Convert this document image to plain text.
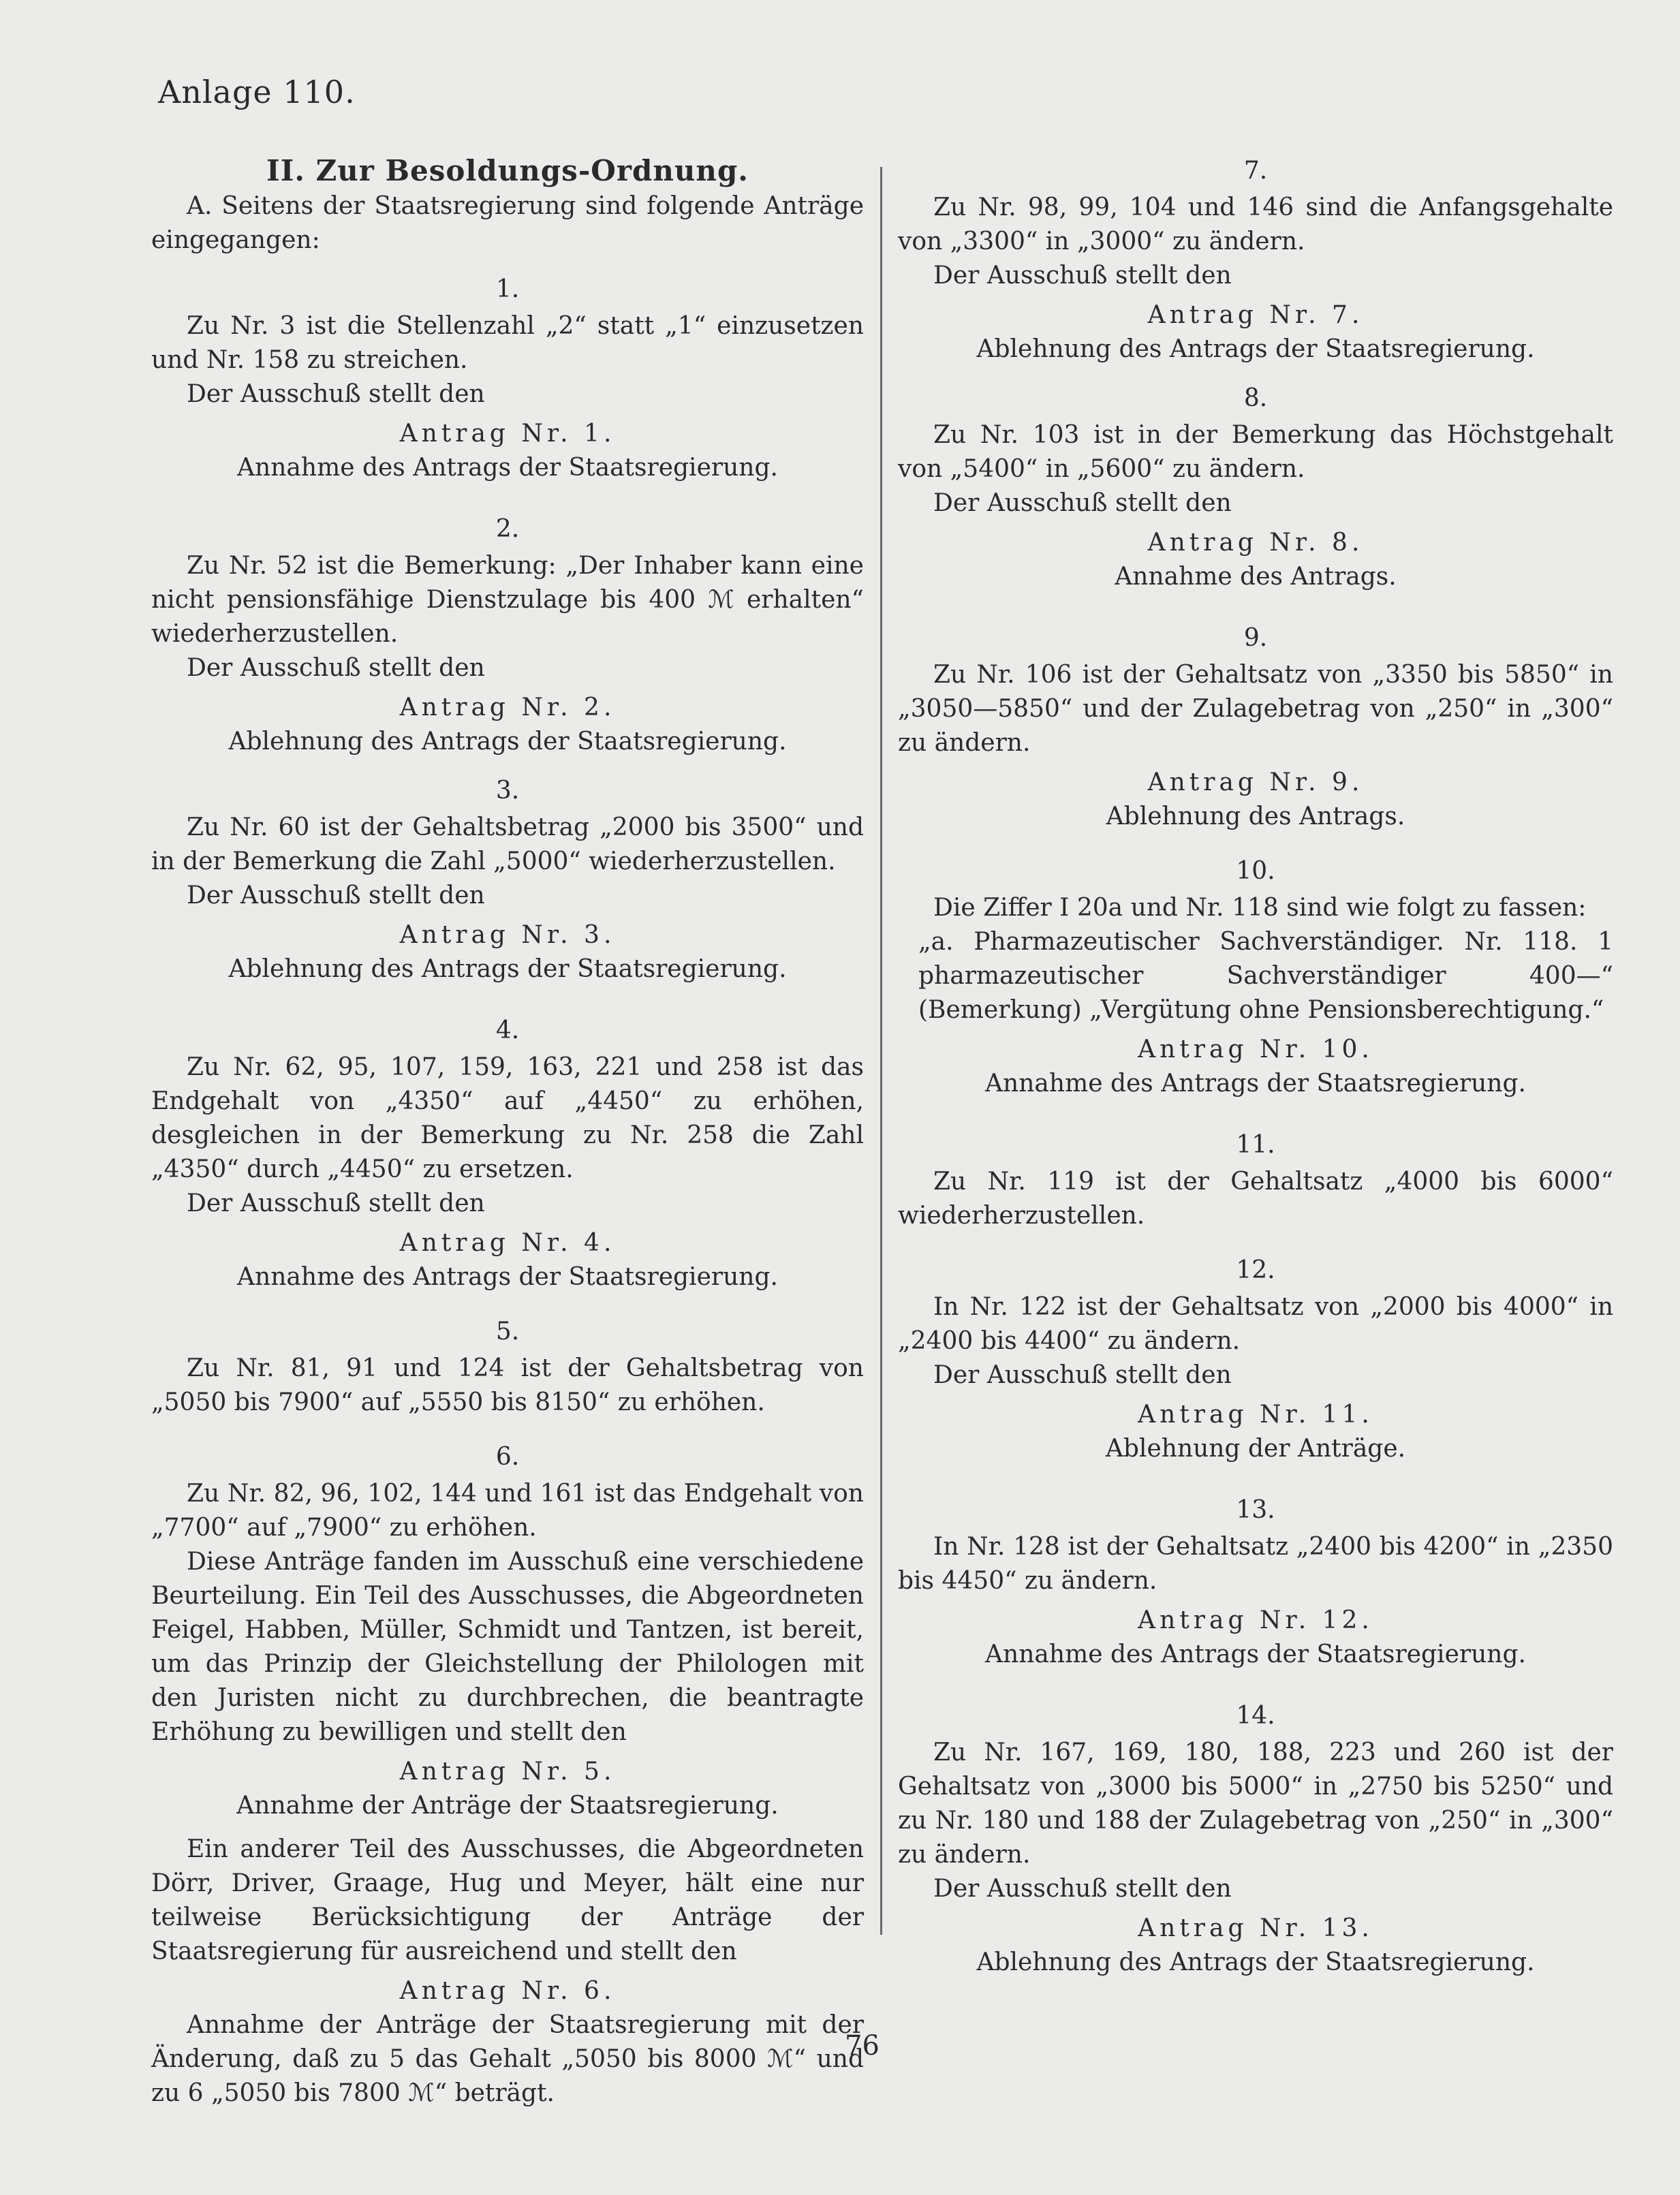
Anlage 110.
II. Zur Besoldungs-Ordnung.

A. Seitens der Staatsregierung sind folgende Anträge eingegangen:

1.

Zu Nr. 3 ist die Stellenzahl „2“ statt „1“ einzusetzen und Nr. 158 zu streichen.

Der Ausschuß stellt den
Antrag Nr. 1.
Annahme des Antrags der Staatsregierung.
2.

Zu Nr. 52 ist die Bemerkung: „Der Inhaber kann eine nicht pensionsfähige Dienstzulage bis 400 ℳ erhalten“ wiederherzustellen.

Der Ausschuß stellt den
Antrag Nr. 2.
Ablehnung des Antrags der Staatsregierung.
3.

Zu Nr. 60 ist der Gehaltsbetrag „2000 bis 3500“ und in der Bemerkung die Zahl „5000“ wiederherzustellen.

Der Ausschuß stellt den
Antrag Nr. 3.
Ablehnung des Antrags der Staatsregierung.
4.

Zu Nr. 62, 95, 107, 159, 163, 221 und 258 ist das Endgehalt von „4350“ auf „4450“ zu erhöhen, desgleichen in der Bemerkung zu Nr. 258 die Zahl „4350“ durch „4450“ zu ersetzen.

Der Ausschuß stellt den
Antrag Nr. 4.
Annahme des Antrags der Staatsregierung.
5.

Zu Nr. 81, 91 und 124 ist der Gehaltsbetrag von „5050 bis 7900“ auf „5550 bis 8150“ zu erhöhen.

6.

Zu Nr. 82, 96, 102, 144 und 161 ist das Endgehalt von „7700“ auf „7900“ zu erhöhen.

Diese Anträge fanden im Ausschuß eine verschiedene Beurteilung. Ein Teil des Ausschusses, die Abgeordneten Feigel, Habben, Müller, Schmidt und Tantzen, ist bereit, um das Prinzip der Gleichstellung der Philologen mit den Juristen nicht zu durchbrechen, die beantragte Erhöhung zu bewilligen und stellt den

Antrag Nr. 5.
Annahme der Anträge der Staatsregierung.

Ein anderer Teil des Ausschusses, die Abgeordneten Dörr, Driver, Graage, Hug und Meyer, hält eine nur teilweise Berücksichtigung der Anträge der Staatsregierung für ausreichend und stellt den

Antrag Nr. 6.

Annahme der Anträge der Staatsregierung mit der Änderung, daß zu 5 das Gehalt „5050 bis 8000 ℳ“ und zu 6 „5050 bis 7800 ℳ“ beträgt.

7.

Zu Nr. 98, 99, 104 und 146 sind die Anfangsgehalte von „3300“ in „3000“ zu ändern.

Der Ausschuß stellt den
Antrag Nr. 7.
Ablehnung des Antrags der Staatsregierung.
8.

Zu Nr. 103 ist in der Bemerkung das Höchstgehalt von „5400“ in „5600“ zu ändern.

Der Ausschuß stellt den
Antrag Nr. 8.
Annahme des Antrags.
9.

Zu Nr. 106 ist der Gehaltsatz von „3350 bis 5850“ in „3050—5850“ und der Zulagebetrag von „250“ in „300“ zu ändern.

Antrag Nr. 9.
Ablehnung des Antrags.
10.

Die Ziffer I 20a und Nr. 118 sind wie folgt zu fassen:

„a. Pharmazeutischer Sachverständiger. Nr. 118. 1 pharmazeutischer Sachverständiger 400—“ (Bemerkung) „Vergütung ohne Pensionsberechtigung.“
Antrag Nr. 10.
Annahme des Antrags der Staatsregierung.
11.

Zu Nr. 119 ist der Gehaltsatz „4000 bis 6000“ wiederherzustellen.

12.

In Nr. 122 ist der Gehaltsatz von „2000 bis 4000“ in „2400 bis 4400“ zu ändern.

Der Ausschuß stellt den
Antrag Nr. 11.
Ablehnung der Anträge.
13.

In Nr. 128 ist der Gehaltsatz „2400 bis 4200“ in „2350 bis 4450“ zu ändern.

Antrag Nr. 12.
Annahme des Antrags der Staatsregierung.
14.

Zu Nr. 167, 169, 180, 188, 223 und 260 ist der Gehaltsatz von „3000 bis 5000“ in „2750 bis 5250“ und zu Nr. 180 und 188 der Zulagebetrag von „250“ in „300“ zu ändern.

Der Ausschuß stellt den
Antrag Nr. 13.
Ablehnung des Antrags der Staatsregierung.
76
